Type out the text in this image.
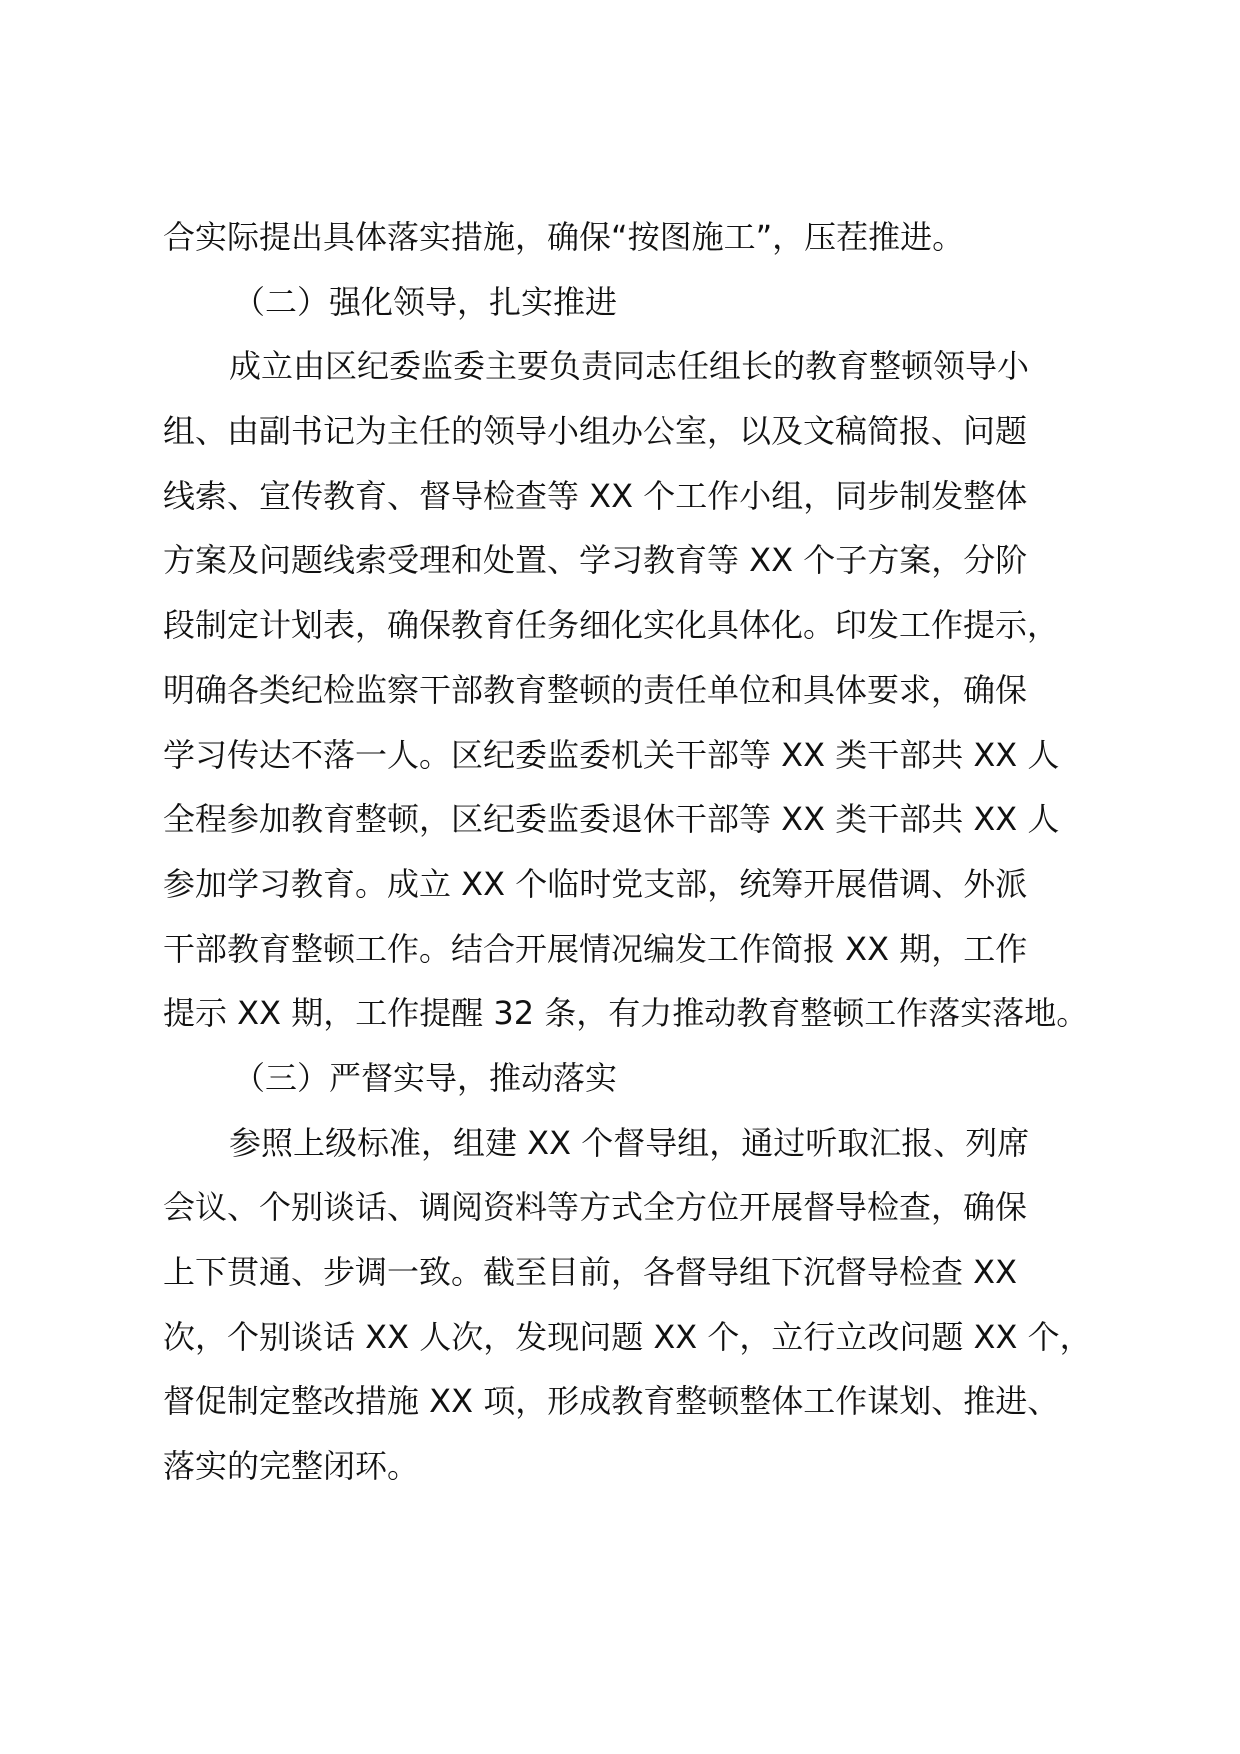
合实际提出具体落实措施，确保“按图施工”，压茬推进。
（二）强化领导，扎实推进
成立由区纪委监委主要负责同志任组长的教育整顿领导小
组、由副书记为主任的领导小组办公室，以及文稿简报、问题
线索、宣传教育、督导检查等 XX 个工作小组，同步制发整体
方案及问题线索受理和处置、学习教育等 XX 个子方案，分阶
段制定计划表，确保教育任务细化实化具体化。印发工作提示，
明确各类纪检监察干部教育整顿的责任单位和具体要求，确保
学习传达不落一人。区纪委监委机关干部等 XX 类干部共 XX 人
全程参加教育整顿，区纪委监委退休干部等 XX 类干部共 XX 人
参加学习教育。成立 XX 个临时党支部，统筹开展借调、外派
干部教育整顿工作。结合开展情况编发工作简报 XX 期，工作
提示 XX 期，工作提醒 32 条，有力推动教育整顿工作落实落地。
（三）严督实导，推动落实
参照上级标准，组建 XX 个督导组，通过听取汇报、列席
会议、个别谈话、调阅资料等方式全方位开展督导检查，确保
上下贯通、步调一致。截至目前，各督导组下沉督导检查 XX
次，个别谈话 XX 人次，发现问题 XX 个，立行立改问题 XX 个，
督促制定整改措施 XX 项，形成教育整顿整体工作谋划、推进、
落实的完整闭环。
